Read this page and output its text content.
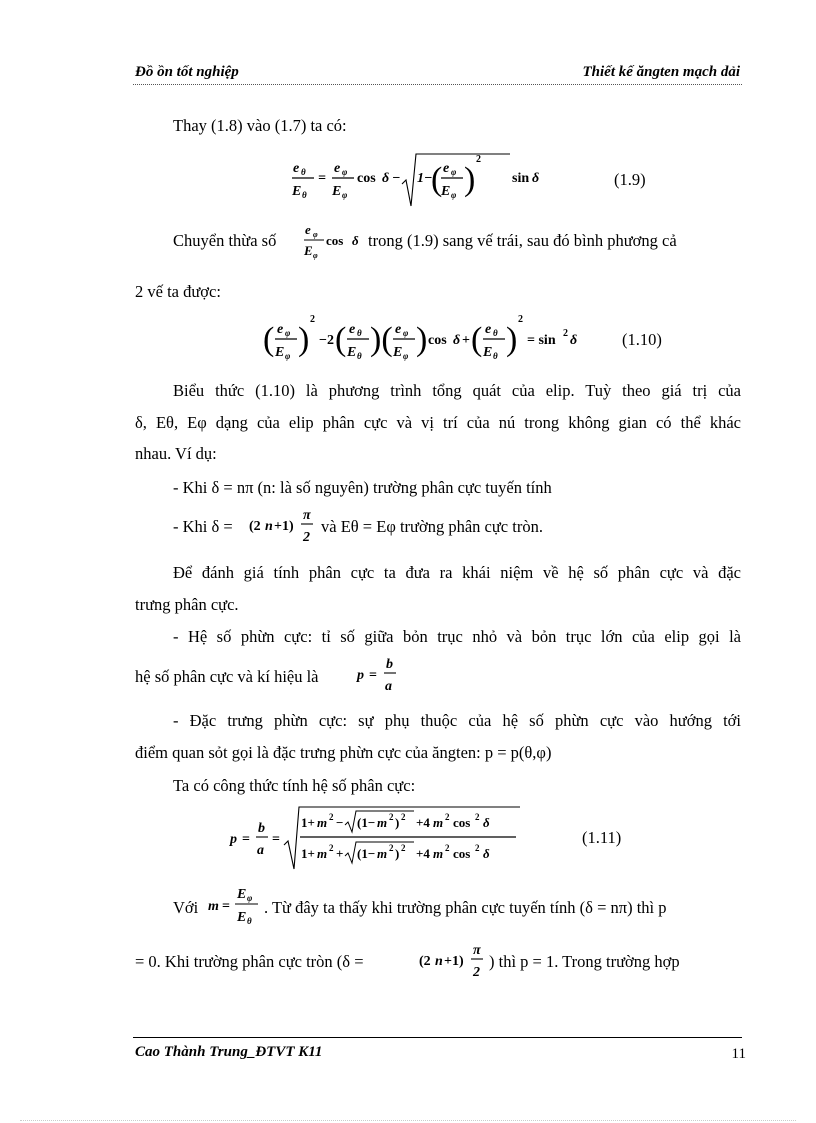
Đồ ồn tốt nghiệp	Thiết kế ăngten mạch dải
Thay (1.8) vào (1.7) ta có:
e θ
E θ
=
e φ
E φ
cos δ − 1−
( e φ
E φ )
2
sin δ	(1.9)
Chuyển thừa số
e φ
E φ
cos δ trong (1.9) sang vế trái, sau đó bình phương cả
2 vế ta được:
( e φ
E φ )
2
−2 ( e θ
E θ )( e φ
E φ ) cos δ + ( e θ
E θ )
2
= sin 2 δ	(1.10)
Biểu thức (1.10) là phương trình tổng quát của elip. Tuỳ theo giá trị của
δ, Eθ, Eφ dạng của elip phân cực và vị trí của nú trong không gian có thể khác
nhau. Ví dụ:
- Khi δ = nπ (n: là số nguyên) trường phân cực tuyến tính
- Khi δ = (2 n +1)
π
2
và Eθ = Eφ trường phân cực tròn.
Để đánh giá tính phân cực ta đưa ra khái niệm về hệ số phân cực và đặc
trưng phân cực.
- Hệ số phừn cực: tỉ số giữa bỏn trục nhỏ và bỏn trục lớn của elip gọi là
hệ số phân cực và kí hiệu là	p =
b
a
- Đặc trưng phừn cực: sự phụ thuộc của hệ số phừn cực vào hướng tới
điểm quan sỏt gọi là đặc trưng phừn cực của ăngten: p = p(θ,φ)
Ta có công thức tính hệ số phân cực:
p =
b
a
=
1+ m 2 − (1− m 2 ) 2 +4 m 2 cos 2 δ
1+ m 2 + (1− m 2 ) 2 +4 m 2 cos 2 δ
(1.11)
Với m =
E φ
E θ
. Từ đây ta thấy khi trường phân cực tuyến tính (δ = nπ) thì p
= 0. Khi trường phân cực tròn (δ =	(2 n +1)
π
2
) thì p = 1. Trong trường hợp
Cao Thành Trung_ĐTVT K11	11
